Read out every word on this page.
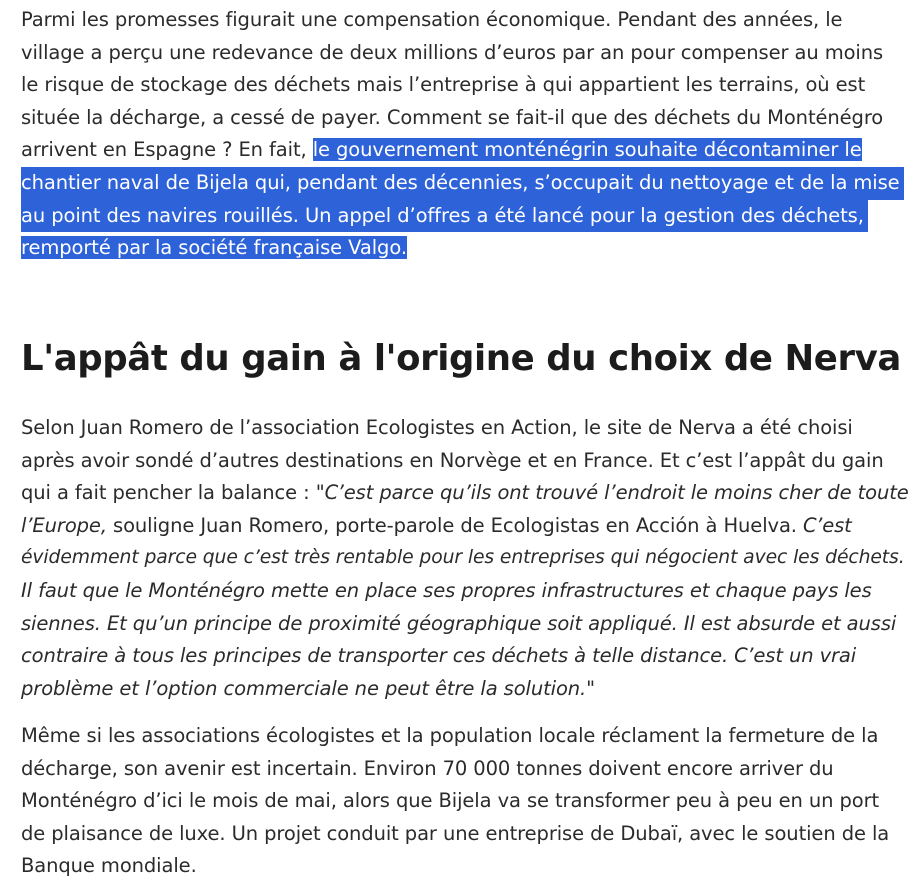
Parmi les promesses figurait une compensation économique. Pendant des années, le
village a perçu une redevance de deux millions d’euros par an pour compenser au moins
le risque de stockage des déchets mais l’entreprise à qui appartient les terrains, où est
située la décharge, a cessé de payer. Comment se fait-il que des déchets du Monténégro
arrivent en Espagne ? En fait, le gouvernement monténégrin souhaite décontaminer le
chantier naval de Bijela qui, pendant des décennies, s’occupait du nettoyage et de la mise
au point des navires rouillés. Un appel d’offres a été lancé pour la gestion des déchets,
remporté par la société française Valgo.

L'appât du gain à l'origine du choix de Nerva

Selon Juan Romero de l’association Ecologistes en Action, le site de Nerva a été choisi
après avoir sondé d’autres destinations en Norvège et en France. Et c’est l’appât du gain
qui a fait pencher la balance : "C’est parce qu’ils ont trouvé l’endroit le moins cher de toute
l’Europe, souligne Juan Romero, porte-parole de Ecologistas en Acción à Huelva. C’est
évidemment parce que c’est très rentable pour les entreprises qui négocient avec les déchets.
Il faut que le Monténégro mette en place ses propres infrastructures et chaque pays les
siennes. Et qu’un principe de proximité géographique soit appliqué. Il est absurde et aussi
contraire à tous les principes de transporter ces déchets à telle distance. C’est un vrai
problème et l’option commerciale ne peut être la solution."

Même si les associations écologistes et la population locale réclament la fermeture de la
décharge, son avenir est incertain. Environ 70 000 tonnes doivent encore arriver du
Monténégro d’ici le mois de mai, alors que Bijela va se transformer peu à peu en un port
de plaisance de luxe. Un projet conduit par une entreprise de Dubaï, avec le soutien de la
Banque mondiale.
